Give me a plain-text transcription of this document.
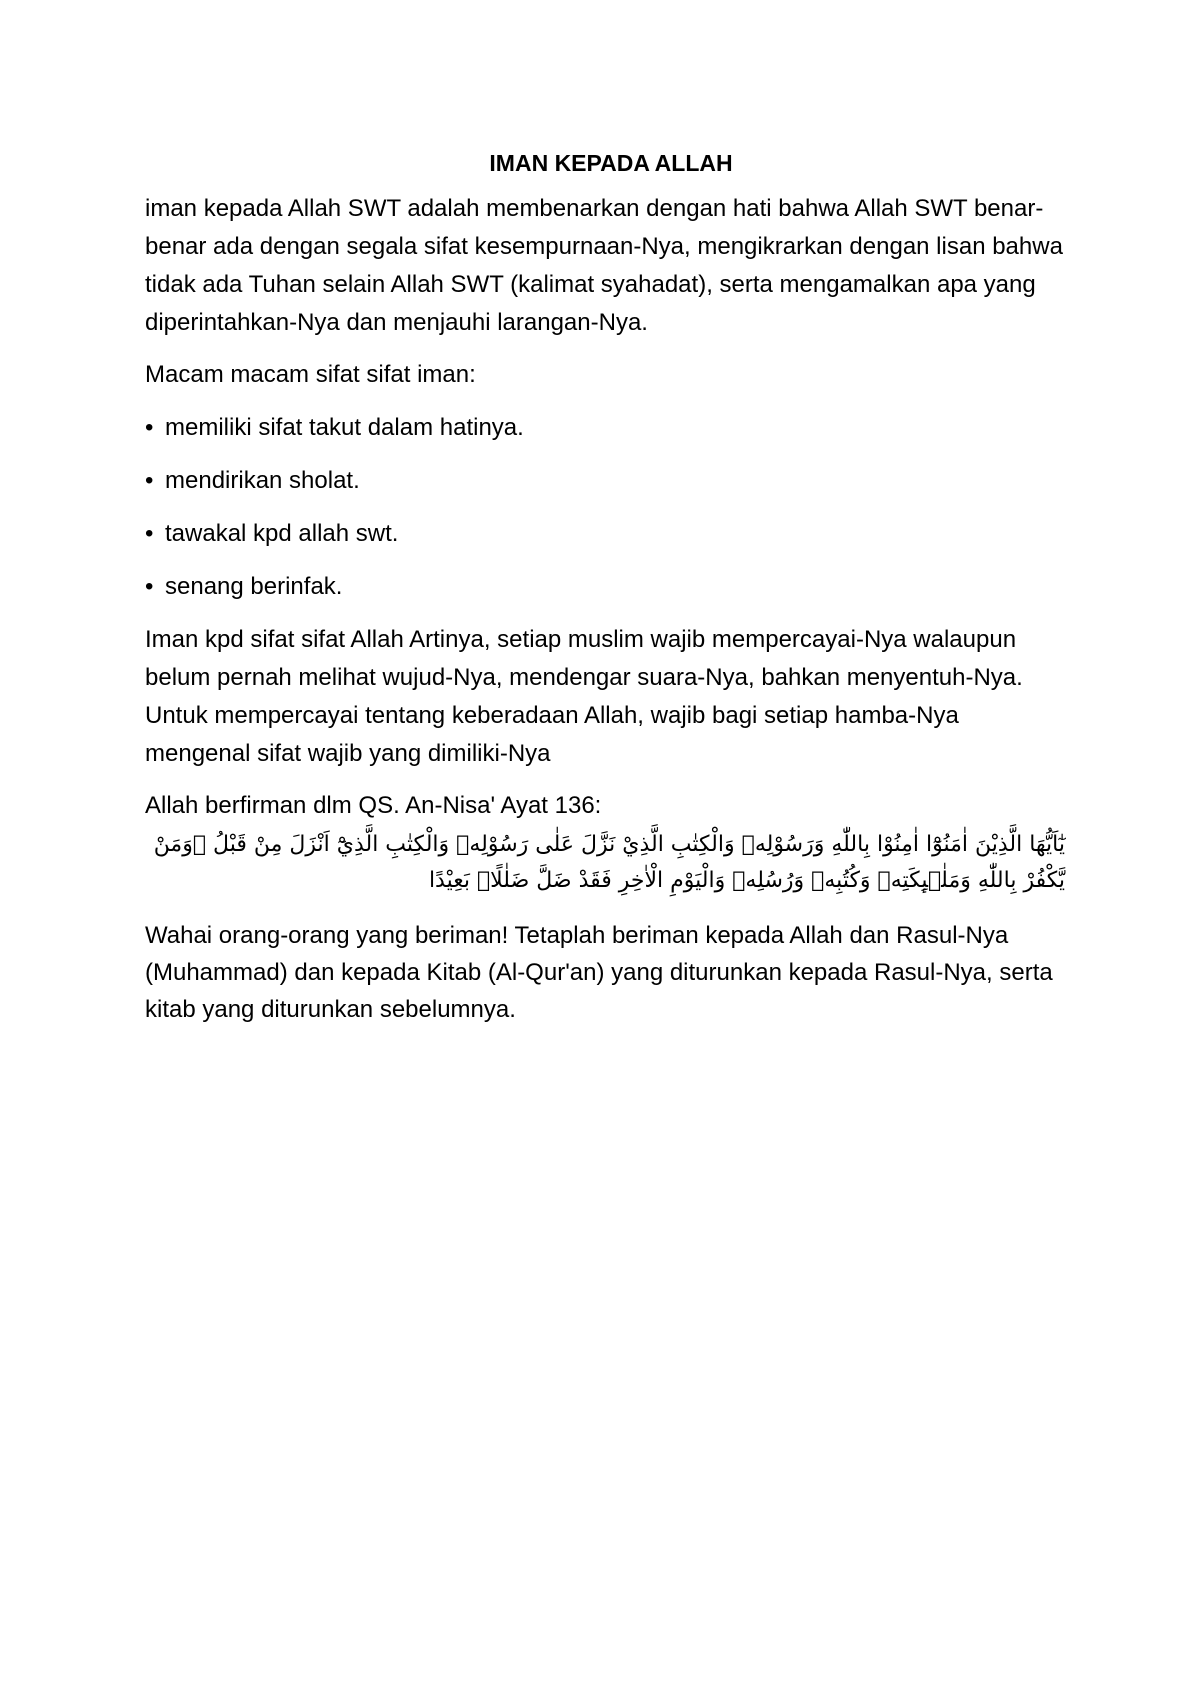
IMAN KEPADA ALLAH

iman kepada Allah SWT adalah membenarkan dengan hati bahwa Allah SWT benar-benar ada dengan segala sifat kesempurnaan-Nya, mengikrarkan dengan lisan bahwa tidak ada Tuhan selain Allah SWT (kalimat syahadat), serta mengamalkan apa yang diperintahkan-Nya dan menjauhi larangan-Nya.

Macam macam sifat sifat iman:

• memiliki sifat takut dalam hatinya.
• mendirikan sholat.
• tawakal kpd allah swt.
• senang berinfak.

Iman kpd sifat sifat Allah Artinya, setiap muslim wajib mempercayai-Nya walaupun belum pernah melihat wujud-Nya, mendengar suara-Nya, bahkan menyentuh-Nya. Untuk mempercayai tentang keberadaan Allah, wajib bagi setiap hamba-Nya mengenal sifat wajib yang dimiliki-Nya

Allah berfirman dlm QS. An-Nisa' Ayat 136:

يٰٓاَيُّهَا الَّذِيْنَ اٰمَنُوْٓا اٰمِنُوْا بِاللّٰهِ وَرَسُوْلِهٖ وَالْكِتٰبِ الَّذِيْ نَزَّلَ عَلٰى رَسُوْلِهٖ وَالْكِتٰبِ الَّذِيْٓ اَنْزَلَ مِنْ قَبْلُ ۗوَمَنْ يَّكْفُرْ بِاللّٰهِ وَمَلٰۤىِٕكَتِهٖ وَكُتُبِهٖ وَرُسُلِهٖ وَالْيَوْمِ الْاٰخِرِ فَقَدْ ضَلَّ ضَلٰلًاۢ بَعِيْدًا

Wahai orang-orang yang beriman! Tetaplah beriman kepada Allah dan Rasul-Nya (Muhammad) dan kepada Kitab (Al-Qur'an) yang diturunkan kepada Rasul-Nya, serta kitab yang diturunkan sebelumnya.
